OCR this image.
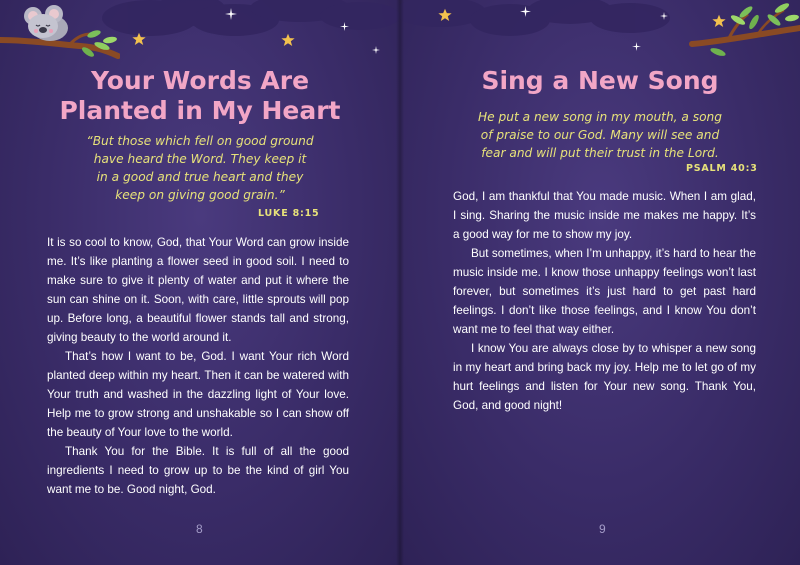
Your Words Are
Planted in My Heart
“But those which fell on good ground
have heard the Word. They keep it
in a good and true heart and they
keep on giving good grain.”
LUKE 8:15

It is so cool to know, God, that Your Word can grow inside me. It’s like planting a flower seed in good soil. I need to make sure to give it plenty of water and put it where the sun can shine on it. Soon, with care, little sprouts will pop up. Before long, a beautiful flower stands tall and strong, giving beauty to the world around it.

That’s how I want to be, God. I want Your rich Word planted deep within my heart. Then it can be watered with Your truth and washed in the dazzling light of Your love. Help me to grow strong and unshakable so I can show off the beauty of Your love to the world.

Thank You for the Bible. It is full of all the good ingredients I need to grow up to be the kind of girl You want me to be. Good night, God.

8
Sing a New Song
He put a new song in my mouth, a song
of praise to our God. Many will see and
fear and will put their trust in the Lord.
PSALM 40:3

God, I am thankful that You made music. When I am glad, I sing. Sharing the music inside me makes me happy. It’s a good way for me to show my joy.

But sometimes, when I’m unhappy, it’s hard to hear the music inside me. I know those unhappy feelings won’t last forever, but sometimes it’s just hard to get past hard feelings. I don’t like those feelings, and I know You don’t want me to feel that way either.

I know You are always close by to whisper a new song in my heart and bring back my joy. Help me to let go of my hurt feelings and listen for Your new song. Thank You, God, and good night!

9
